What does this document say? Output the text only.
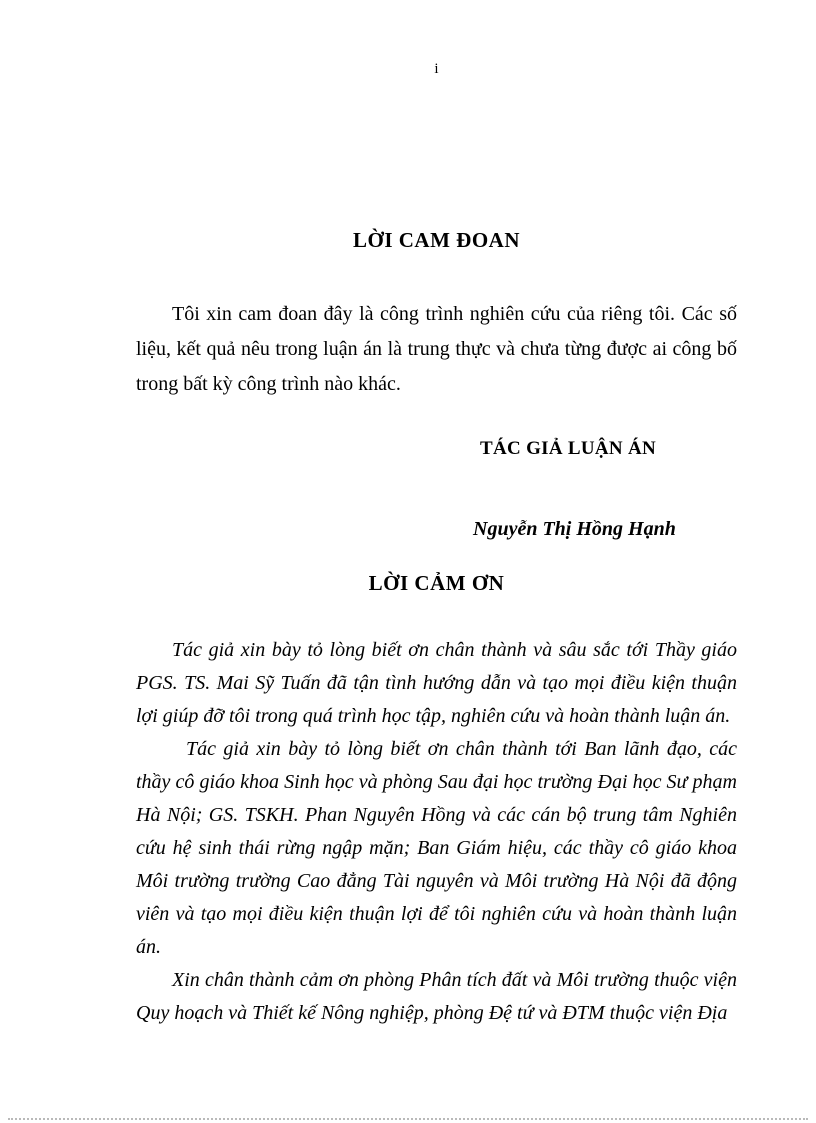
i
LỜI CAM ĐOAN

Tôi xin cam đoan đây là công trình nghiên cứu của riêng tôi. Các số liệu, kết quả nêu trong luận án là trung thực và chưa từng được ai công bố trong bất kỳ công trình nào khác.

TÁC GIẢ LUẬN ÁN
Nguyễn Thị Hồng Hạnh
LỜI CẢM ƠN

Tác giả xin bày tỏ lòng biết ơn chân thành và sâu sắc tới Thầy giáo PGS. TS. Mai Sỹ Tuấn đã tận tình hướng dẫn và tạo mọi điều kiện thuận lợi giúp đỡ tôi trong quá trình học tập, nghiên cứu và hoàn thành luận án.

Tác giả xin bày tỏ lòng biết ơn chân thành tới Ban lãnh đạo, các thầy cô giáo khoa Sinh học và phòng Sau đại học trường Đại học Sư phạm Hà Nội; GS. TSKH. Phan Nguyên Hồng và các cán bộ trung tâm Nghiên cứu hệ sinh thái rừng ngập mặn; Ban Giám hiệu, các thầy cô giáo khoa Môi trường trường Cao đẳng Tài nguyên và Môi trường Hà Nội đã động viên và tạo mọi điều kiện thuận lợi để tôi nghiên cứu và hoàn thành luận án.

Xin chân thành cảm ơn phòng Phân tích đất và Môi trường thuộc viện Quy hoạch và Thiết kế Nông nghiệp, phòng Đệ tứ và ĐTM thuộc viện Địa
